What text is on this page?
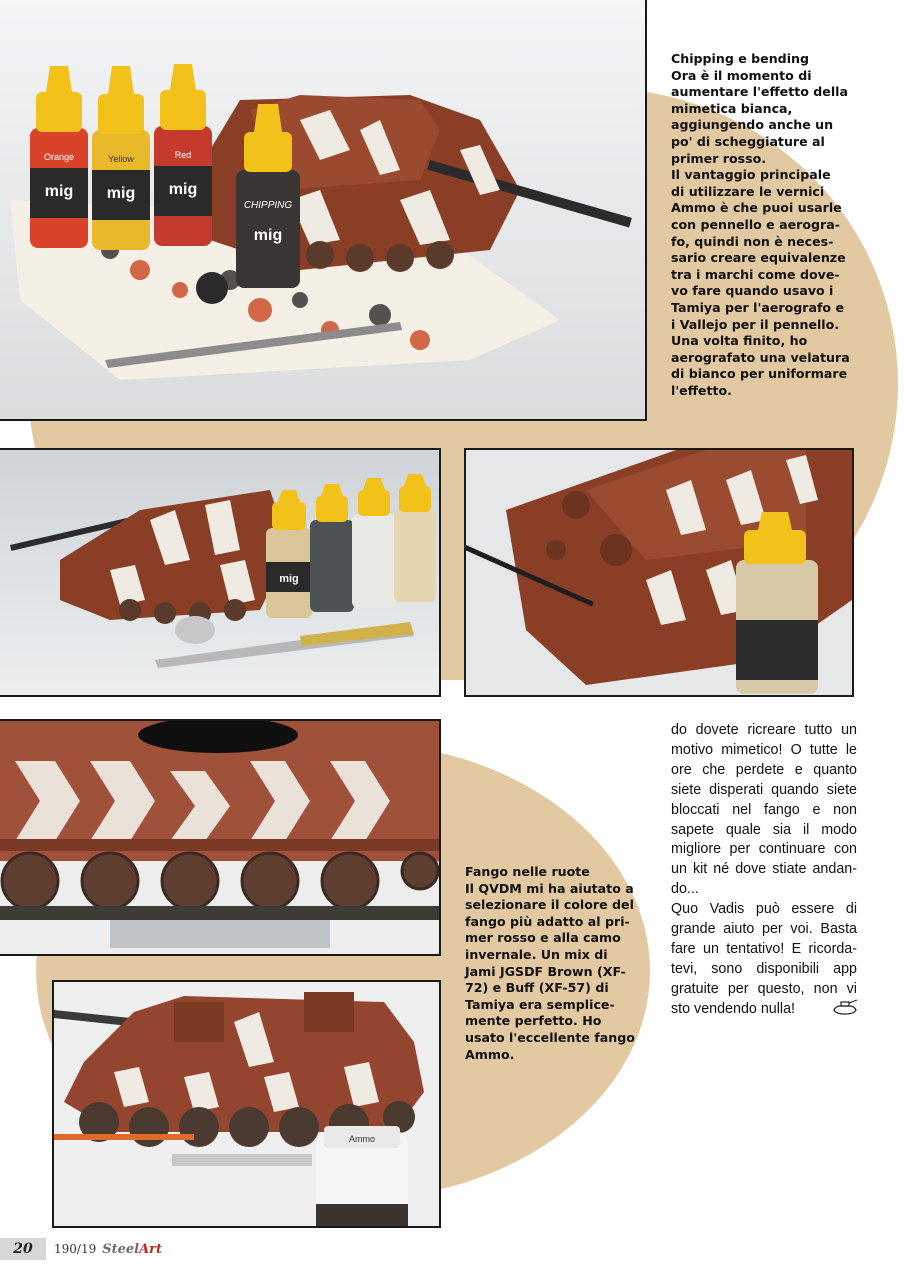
Orange
mig
Yellow
mig
Red
mig
CHIPPING
mig
mig
Ammo
Chipping e bending
Ora è il momento di
aumentare l'effetto della
mimetica bianca,
aggiungendo anche un
po' di scheggiature al
primer rosso.
Il vantaggio principale
di utilizzare le vernici
Ammo è che puoi usarle
con pennello e aerogra-
fo, quindi non è neces-
sario creare equivalenze
tra i marchi come dove-
vo fare quando usavo i
Tamiya per l'aerografo e
i Vallejo per il pennello.
Una volta finito, ho
aerografato una velatura
di bianco per uniformare
l'effetto.
Fango nelle ruote
Il QVDM mi ha aiutato a
selezionare il colore del
fango più adatto al pri-
mer rosso e alla camo
invernale. Un mix di
Jami JGSDF Brown (XF-
72) e Buff (XF-57) di
Tamiya era semplice-
mente perfetto. Ho
usato l'eccellente fango
Ammo.
do dovete ricreare tutto un
motivo mimetico! O tutte le
ore che perdete e quanto
siete disperati quando siete
bloccati nel fango e non
sapete quale sia il modo
migliore per continuare con
un kit né dove stiate andan-
do...
Quo Vadis può essere di
grande aiuto per voi. Basta
fare un tentativo! E ricorda-
tevi, sono disponibili app
gratuite per questo, non vi
sto vendendo nulla!
20	190/19 SteelArt
